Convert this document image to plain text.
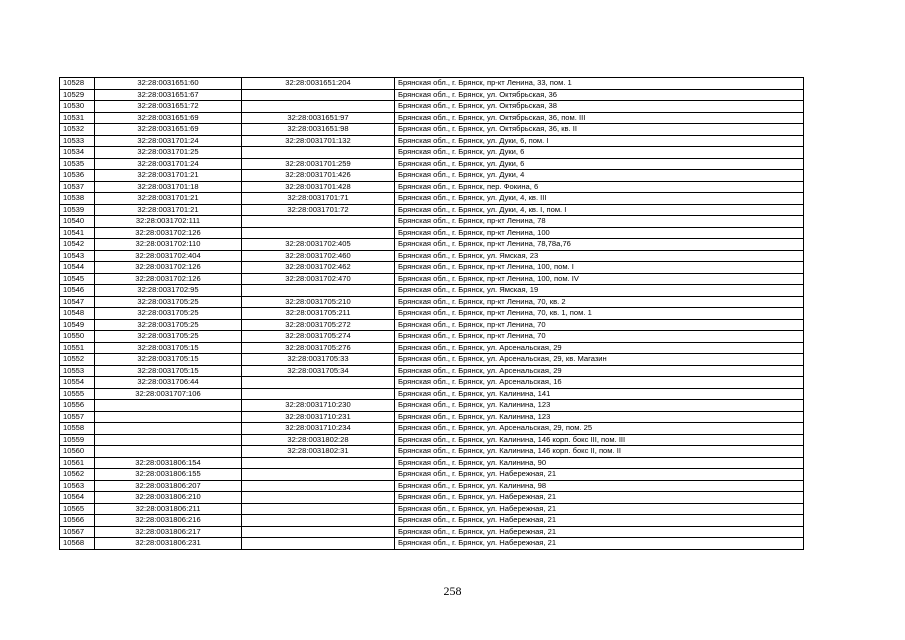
10528	32:28:0031651:60	32:28:0031651:204	Брянская обл., г. Брянск, пр-кт Ленина, 33, пом. 1
10529	32:28:0031651:67		Брянская обл., г. Брянск, ул. Октябрьская, 36
10530	32:28:0031651:72		Брянская обл., г. Брянск, ул. Октябрьская, 38
10531	32:28:0031651:69	32:28:0031651:97	Брянская обл., г. Брянск, ул. Октябрьская, 36, пом. III
10532	32:28:0031651:69	32:28:0031651:98	Брянская обл., г. Брянск, ул. Октябрьская, 36, кв. II
10533	32:28:0031701:24	32:28:0031701:132	Брянская обл., г. Брянск, ул. Дуки, 6, пом. I
10534	32:28:0031701:25		Брянская обл., г. Брянск, ул. Дуки, 6
10535	32:28:0031701:24	32:28:0031701:259	Брянская обл., г. Брянск, ул. Дуки, 6
10536	32:28:0031701:21	32:28:0031701:426	Брянская обл., г. Брянск, ул. Дуки, 4
10537	32:28:0031701:18	32:28:0031701:428	Брянская обл., г. Брянск, пер. Фокина, 6
10538	32:28:0031701:21	32:28:0031701:71	Брянская обл., г. Брянск, ул. Дуки, 4, кв. III
10539	32:28:0031701:21	32:28:0031701:72	Брянская обл., г. Брянск, ул. Дуки, 4, кв. I, пом. I
10540	32:28:0031702:111		Брянская обл., г. Брянск, пр-кт Ленина, 78
10541	32:28:0031702:126		Брянская обл., г. Брянск, пр-кт Ленина, 100
10542	32:28:0031702:110	32:28:0031702:405	Брянская обл., г. Брянск, пр-кт Ленина, 78,78а,76
10543	32:28:0031702:404	32:28:0031702:460	Брянская обл., г. Брянск, ул. Ямская, 23
10544	32:28:0031702:126	32:28:0031702:462	Брянская обл., г. Брянск, пр-кт Ленина, 100, пом. I
10545	32:28:0031702:126	32:28:0031702:470	Брянская обл., г. Брянск, пр-кт Ленина, 100, пом. IV
10546	32:28:0031702:95		Брянская обл., г. Брянск, ул. Ямская, 19
10547	32:28:0031705:25	32:28:0031705:210	Брянская обл., г. Брянск, пр-кт Ленина, 70, кв. 2
10548	32:28:0031705:25	32:28:0031705:211	Брянская обл., г. Брянск, пр-кт Ленина, 70, кв. 1, пом. 1
10549	32:28:0031705:25	32:28:0031705:272	Брянская обл., г. Брянск, пр-кт Ленина, 70
10550	32:28:0031705:25	32:28:0031705:274	Брянская обл., г. Брянск, пр-кт Ленина, 70
10551	32:28:0031705:15	32:28:0031705:276	Брянская обл., г. Брянск, ул. Арсенальская, 29
10552	32:28:0031705:15	32:28:0031705:33	Брянская обл., г. Брянск, ул. Арсенальская, 29, кв. Магазин
10553	32:28:0031705:15	32:28:0031705:34	Брянская обл., г. Брянск, ул. Арсенальская, 29
10554	32:28:0031706:44		Брянская обл., г. Брянск, ул. Арсенальская, 16
10555	32:28:0031707:106		Брянская обл., г. Брянск, ул. Калинина, 141
10556		32:28:0031710:230	Брянская обл., г. Брянск, ул. Калинина, 123
10557		32:28:0031710:231	Брянская обл., г. Брянск, ул. Калинина, 123
10558		32:28:0031710:234	Брянская обл., г. Брянск, ул. Арсенальская, 29, пом. 25
10559		32:28:0031802:28	Брянская обл., г. Брянск, ул. Калинина, 146 корп. бокс III, пом. III
10560		32:28:0031802:31	Брянская обл., г. Брянск, ул. Калинина, 146 корп. бокс II, пом. II
10561	32:28:0031806:154		Брянская обл., г. Брянск, ул. Калинина, 90
10562	32:28:0031806:155		Брянская обл., г. Брянск, ул. Набережная, 21
10563	32:28:0031806:207		Брянская обл., г. Брянск, ул. Калинина, 98
10564	32:28:0031806:210		Брянская обл., г. Брянск, ул. Набережная, 21
10565	32:28:0031806:211		Брянская обл., г. Брянск, ул. Набережная, 21
10566	32:28:0031806:216		Брянская обл., г. Брянск, ул. Набережная, 21
10567	32:28:0031806:217		Брянская обл., г. Брянск, ул. Набережная, 21
10568	32:28:0031806:231		Брянская обл., г. Брянск, ул. Набережная, 21
258
